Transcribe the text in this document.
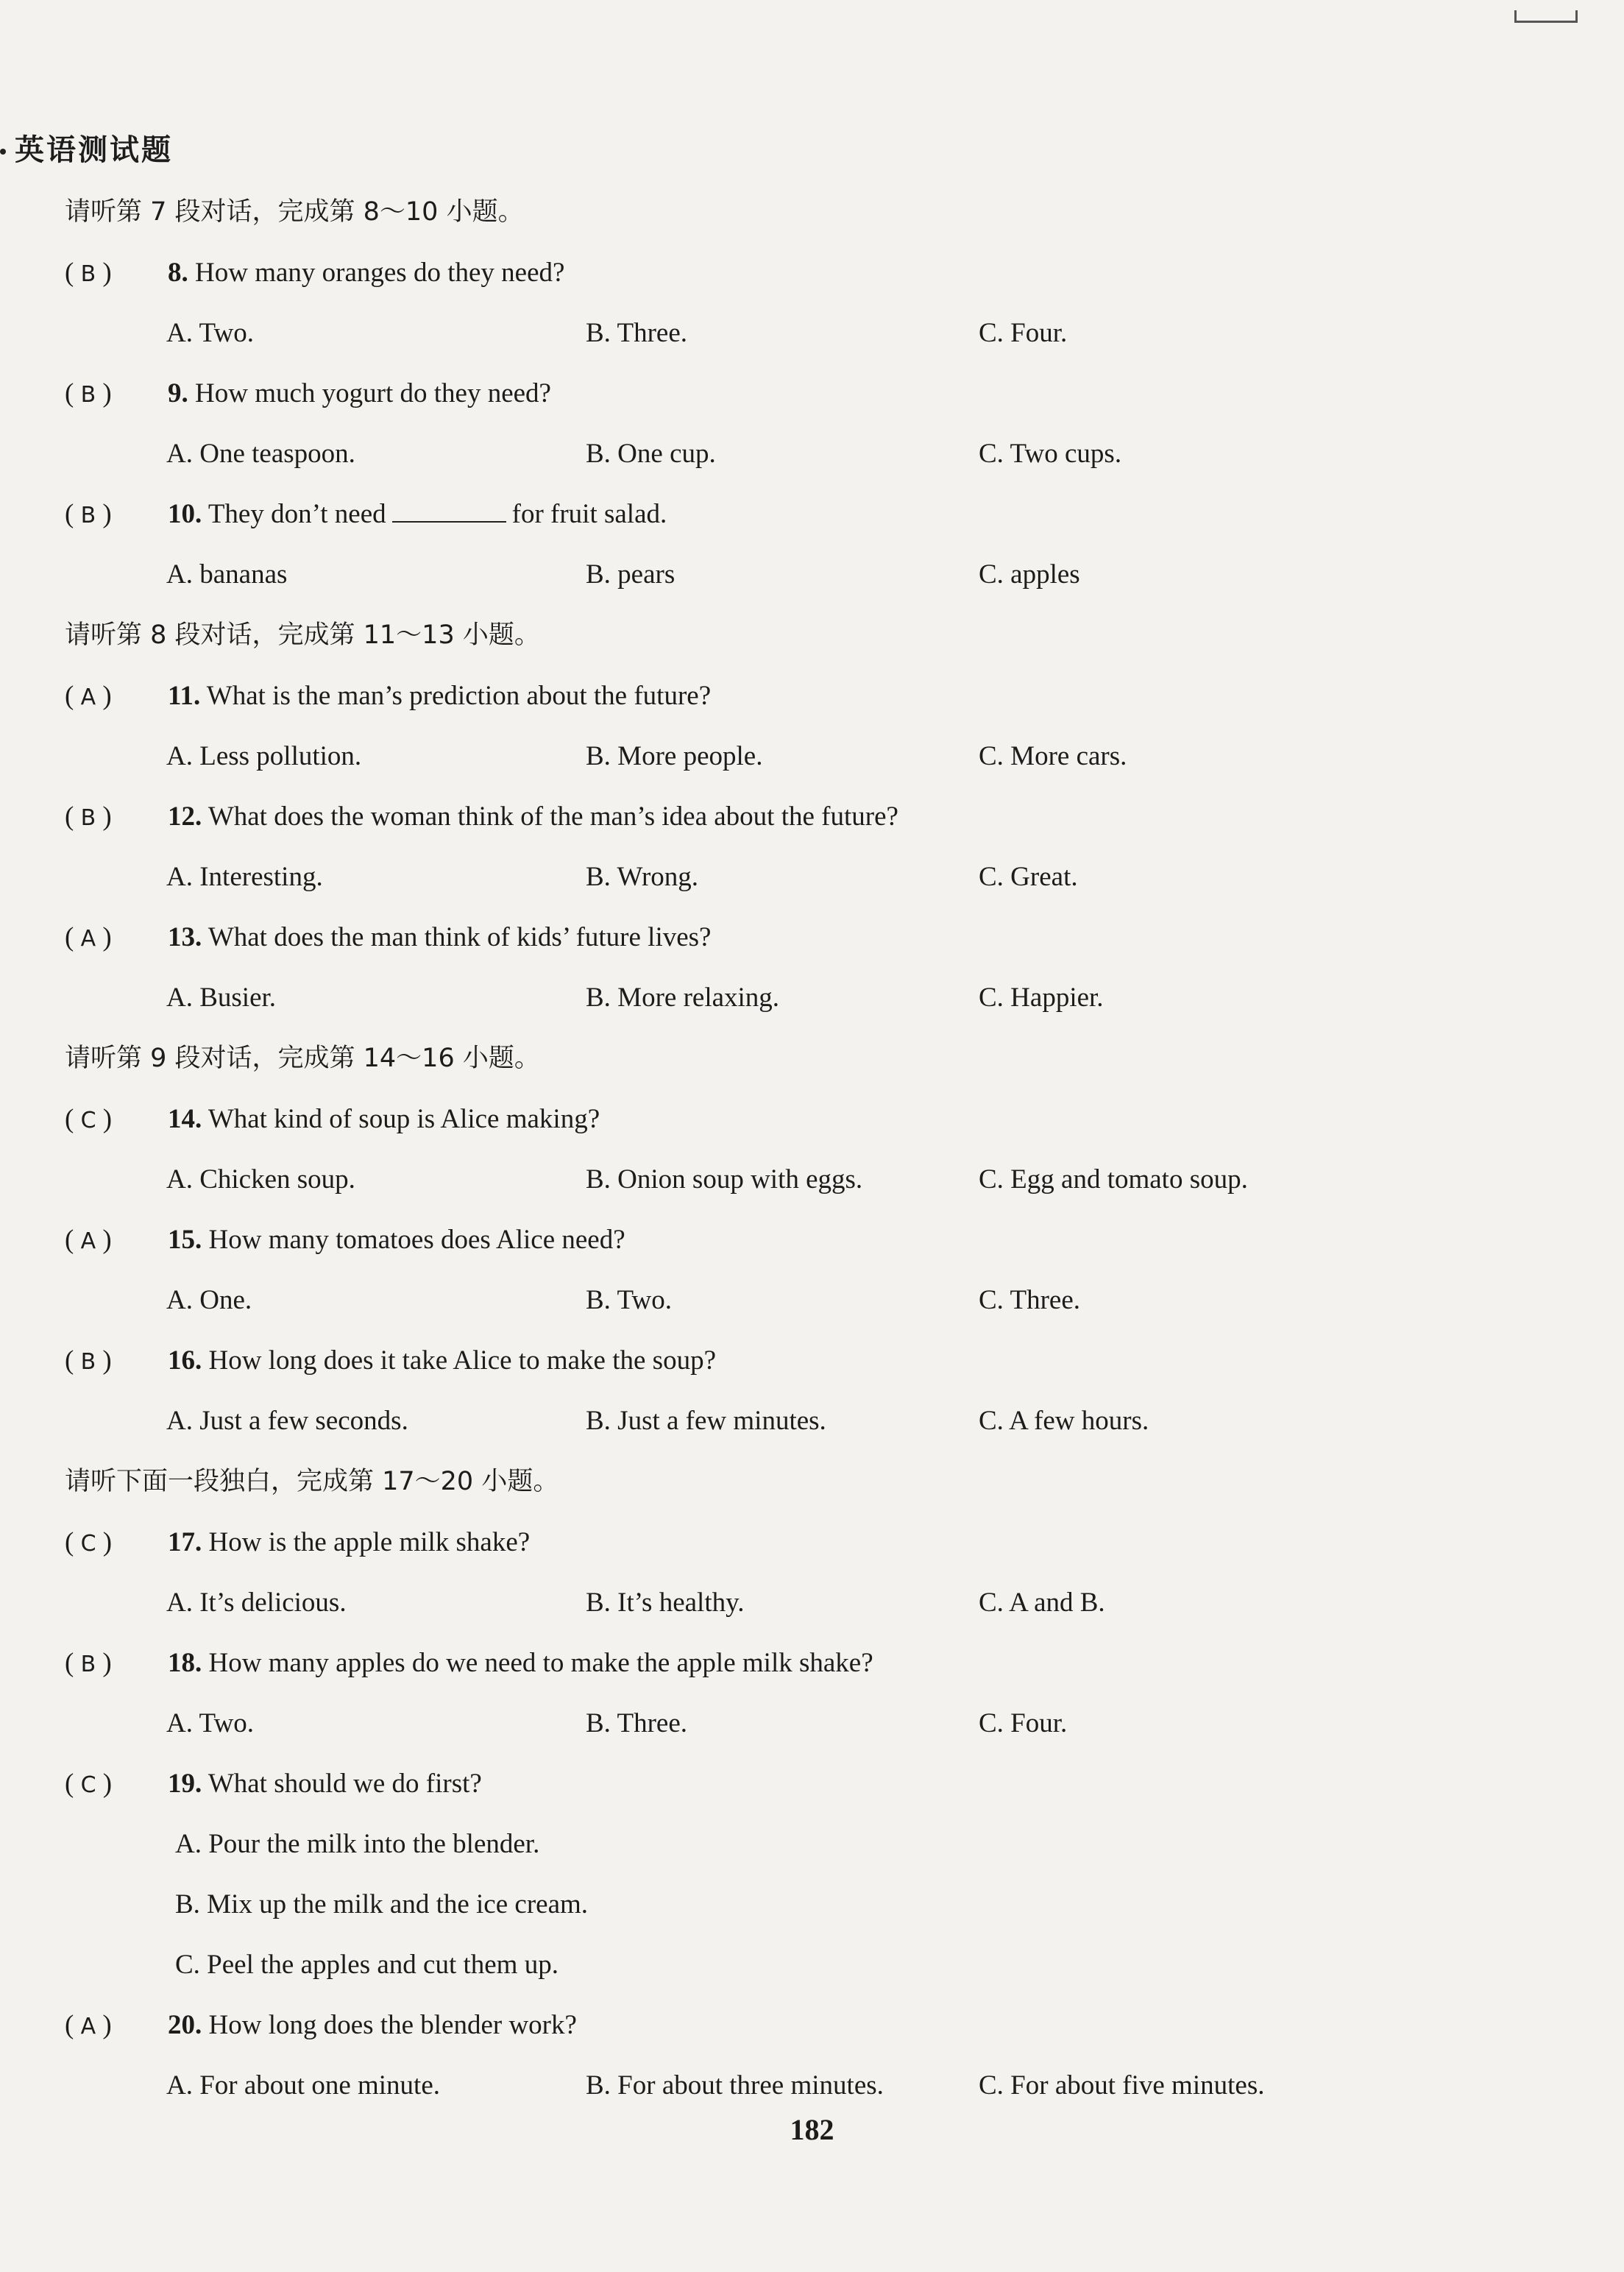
英语测试题
请听第 7 段对话，完成第 8～10 小题。
( B ) 8. How many oranges do they need?
A. Two.	B. Three.	C. Four.
( B ) 9. How much yogurt do they need?
A. One teaspoon.	B. One cup.	C. Two cups.
( B ) 10. They don’t need	for fruit salad.
A. bananas	B. pears	C. apples
请听第 8 段对话，完成第 11～13 小题。
( A ) 11. What is the man’s prediction about the future?
A. Less pollution.	B. More people.	C. More cars.
( B ) 12. What does the woman think of the man’s idea about the future?
A. Interesting.	B. Wrong.	C. Great.
( A ) 13. What does the man think of kids’ future lives?
A. Busier.	B. More relaxing.	C. Happier.
请听第 9 段对话，完成第 14～16 小题。
( C ) 14. What kind of soup is Alice making?
A. Chicken soup.	B. Onion soup with eggs.	C. Egg and tomato soup.
( A ) 15. How many tomatoes does Alice need?
A. One.	B. Two.	C. Three.
( B ) 16. How long does it take Alice to make the soup?
A. Just a few seconds.	B. Just a few minutes.	C. A few hours.
请听下面一段独白，完成第 17～20 小题。
( C ) 17. How is the apple milk shake?
A. It’s delicious.	B. It’s healthy.	C. A and B.
( B ) 18. How many apples do we need to make the apple milk shake?
A. Two.	B. Three.	C. Four.
( C ) 19. What should we do first?
A. Pour the milk into the blender.
B. Mix up the milk and the ice cream.
C. Peel the apples and cut them up.
( A ) 20. How long does the blender work?
A. For about one minute.	B. For about three minutes.	C. For about five minutes.
182
